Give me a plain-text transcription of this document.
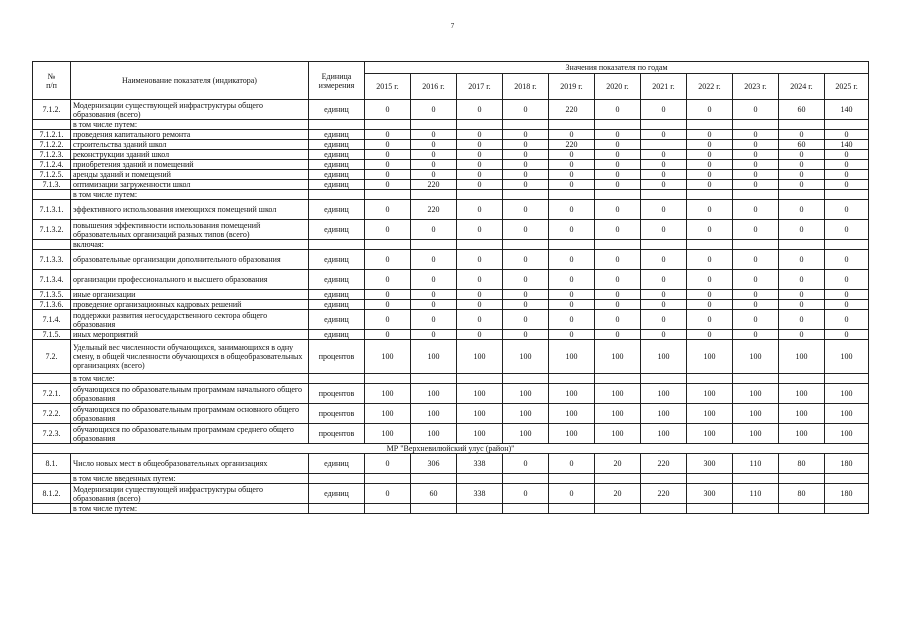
7
№
п/п	Наименование показателя (индикатора)	Единица измерения	Значения показателя по годам										
			2015 г.	2016 г.	2017 г.	2018 г.	2019 г.	2020 г.	2021 г.	2022 г.	2023 г.	2024 г.	2025 г.
7.1.2.	Модернизации существующей инфраструктуры общего образования (всего)	единиц	0	0	0	0	220	0	0	0	0	60	140
	в том числе путем:												
7.1.2.1.	проведения капитального ремонта	единиц	0	0	0	0	0	0	0	0	0	0	0
7.1.2.2.	строительства зданий школ	единиц	0	0	0	0	220	0		0	0	60	140
7.1.2.3.	реконструкции зданий школ	единиц	0	0	0	0	0	0	0	0	0	0	0
7.1.2.4.	приобретения зданий и помещений	единиц	0	0	0	0	0	0	0	0	0	0	0
7.1.2.5.	аренды зданий и помещений	единиц	0	0	0	0	0	0	0	0	0	0	0
7.1.3.	оптимизации загруженности школ	единиц	0	220	0	0	0	0	0	0	0	0	0
	в том числе путем:												
7.1.3.1.	эффективного использования имеющихся помещений школ	единиц	0	220	0	0	0	0	0	0	0	0	0
7.1.3.2.	повышения эффективности использования помещений образовательных организаций разных типов (всего)	единиц	0	0	0	0	0	0	0	0	0	0	0
	включая:												
7.1.3.3.	образовательные организации дополнительного образования	единиц	0	0	0	0	0	0	0	0	0	0	0
7.1.3.4.	организации профессионального и высшего образования	единиц	0	0	0	0	0	0	0	0	0	0	0
7.1.3.5.	иные организации	единиц	0	0	0	0	0	0	0	0	0	0	0
7.1.3.6.	проведение организационных кадровых решений	единиц	0	0	0	0	0	0	0	0	0	0	0
7.1.4.	поддержки развития негосударственного сектора общего образования	единиц	0	0	0	0	0	0	0	0	0	0	0
7.1.5.	иных мероприятий	единиц	0	0	0	0	0	0	0	0	0	0	0
7.2.	Удельный вес численности обучающихся, занимающихся в одну смену, в общей численности обучающихся в общеобразовательных организациях (всего)	процентов	100	100	100	100	100	100	100	100	100	100	100
	в том числе:												
7.2.1.	обучающихся по образовательным программам начального общего образования	процентов	100	100	100	100	100	100	100	100	100	100	100
7.2.2.	обучающихся по образовательным программам основного общего образования	процентов	100	100	100	100	100	100	100	100	100	100	100
7.2.3.	обучающихся по образовательным программам среднего общего образования	процентов	100	100	100	100	100	100	100	100	100	100	100
МР "Верхневилюйский улус (район)"													
8.1.	Число новых мест в общеобразовательных организациях	единиц	0	306	338	0	0	20	220	300	110	80	180
	в том числе введенных путем:												
8.1.2.	Модернизации существующей инфраструктуры общего образования (всего)	единиц	0	60	338	0	0	20	220	300	110	80	180
	в том числе путем:												
